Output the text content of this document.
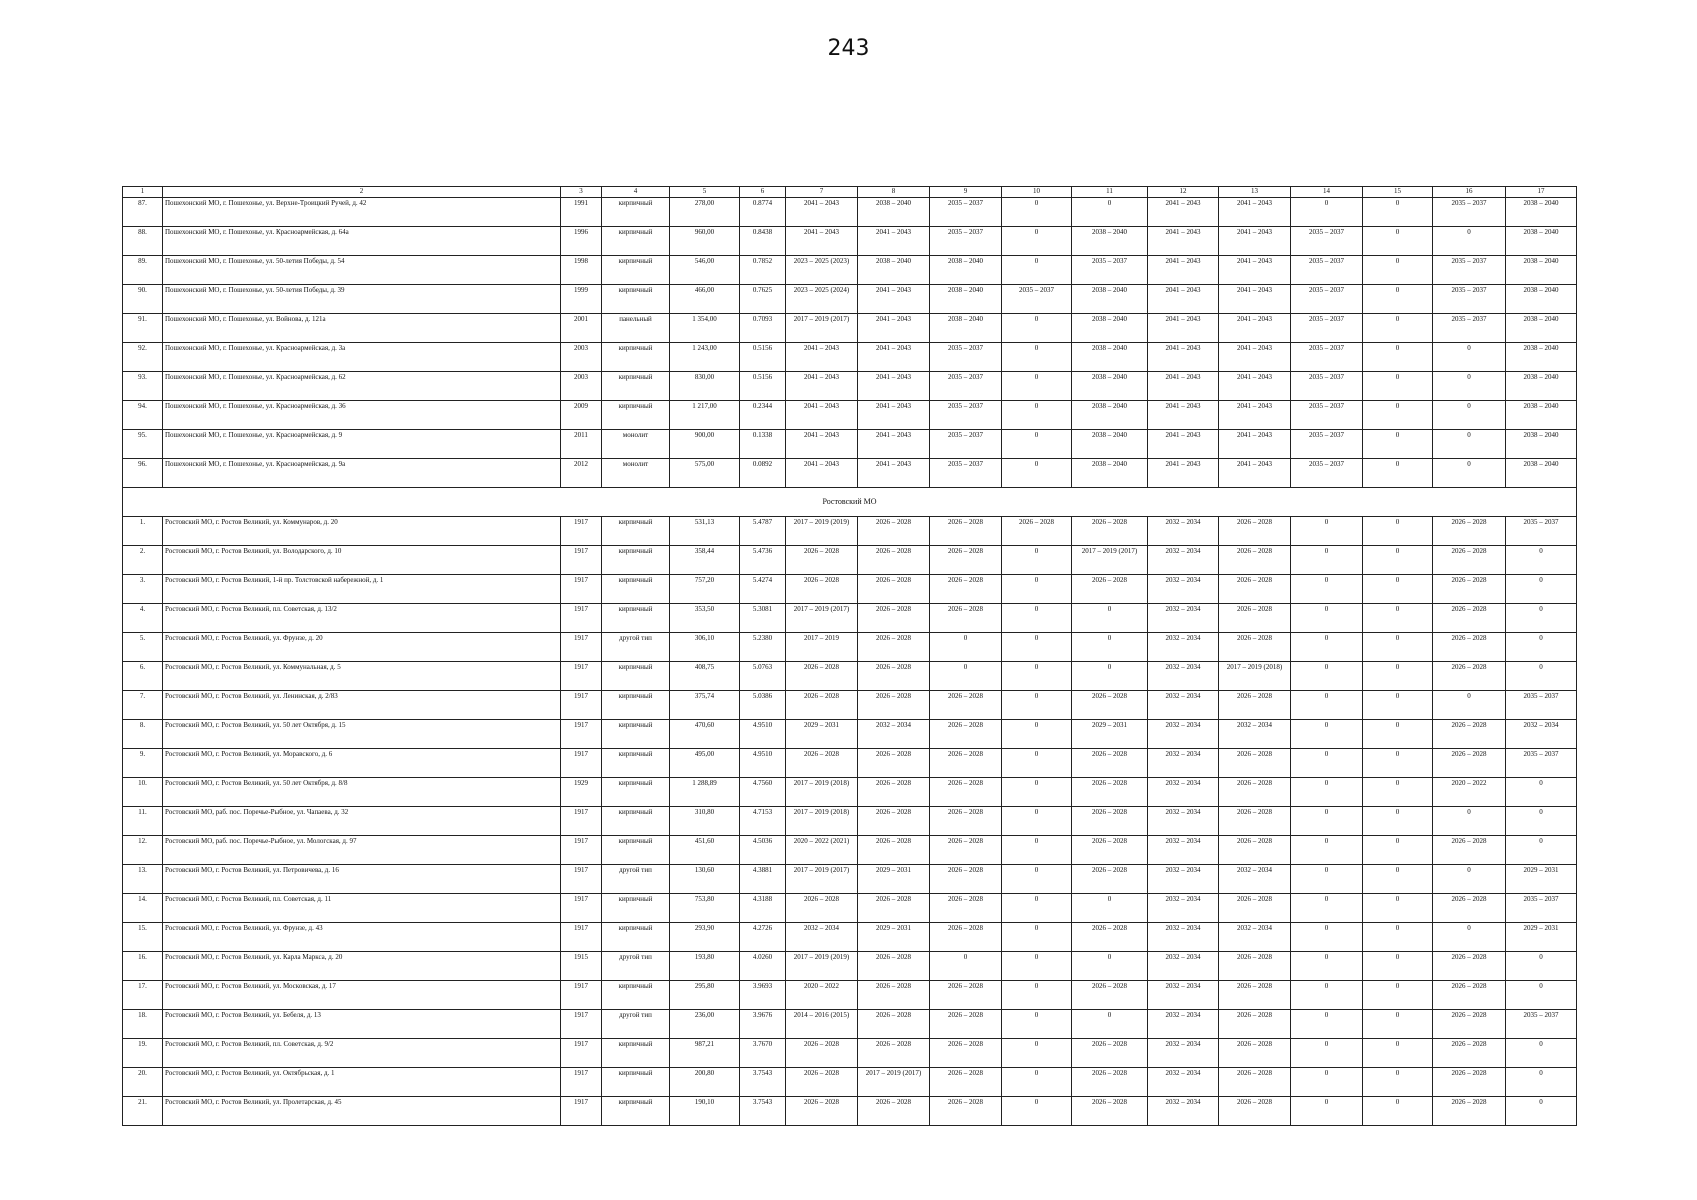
243
1	2	3	4	5	6	7	8	9	10	11	12	13	14	15	16	17
87.	Пошехонский МО, г. Пошехонье, ул. Верхне-Троицкий Ручей, д. 42	1991	кирпичный	278,00	0.8774	2041 – 2043	2038 – 2040	2035 – 2037	0	0	2041 – 2043	2041 – 2043	0	0	2035 – 2037	2038 – 2040
88.	Пошехонский МО, г. Пошехонье, ул. Красноармейская, д. 64а	1996	кирпичный	960,00	0.8438	2041 – 2043	2041 – 2043	2035 – 2037	0	2038 – 2040	2041 – 2043	2041 – 2043	2035 – 2037	0	0	2038 – 2040
89.	Пошехонский МО, г. Пошехонье, ул. 50-летия Победы, д. 54	1998	кирпичный	546,00	0.7852	2023 – 2025 (2023)	2038 – 2040	2038 – 2040	0	2035 – 2037	2041 – 2043	2041 – 2043	2035 – 2037	0	2035 – 2037	2038 – 2040
90.	Пошехонский МО, г. Пошехонье, ул. 50-летия Победы, д. 39	1999	кирпичный	466,00	0.7625	2023 – 2025 (2024)	2041 – 2043	2038 – 2040	2035 – 2037	2038 – 2040	2041 – 2043	2041 – 2043	2035 – 2037	0	2035 – 2037	2038 – 2040
91.	Пошехонский МО, г. Пошехонье, ул. Войнова, д. 121а	2001	панельный	1 354,00	0.7093	2017 – 2019 (2017)	2041 – 2043	2038 – 2040	0	2038 – 2040	2041 – 2043	2041 – 2043	2035 – 2037	0	2035 – 2037	2038 – 2040
92.	Пошехонский МО, г. Пошехонье, ул. Красноармейская, д. 3а	2003	кирпичный	1 243,00	0.5156	2041 – 2043	2041 – 2043	2035 – 2037	0	2038 – 2040	2041 – 2043	2041 – 2043	2035 – 2037	0	0	2038 – 2040
93.	Пошехонский МО, г. Пошехонье, ул. Красноармейская, д. 62	2003	кирпичный	830,00	0.5156	2041 – 2043	2041 – 2043	2035 – 2037	0	2038 – 2040	2041 – 2043	2041 – 2043	2035 – 2037	0	0	2038 – 2040
94.	Пошехонский МО, г. Пошехонье, ул. Красноармейская, д. 36	2009	кирпичный	1 217,00	0.2344	2041 – 2043	2041 – 2043	2035 – 2037	0	2038 – 2040	2041 – 2043	2041 – 2043	2035 – 2037	0	0	2038 – 2040
95.	Пошехонский МО, г. Пошехонье, ул. Красноармейская, д. 9	2011	монолит	900,00	0.1338	2041 – 2043	2041 – 2043	2035 – 2037	0	2038 – 2040	2041 – 2043	2041 – 2043	2035 – 2037	0	0	2038 – 2040
96.	Пошехонский МО, г. Пошехонье, ул. Красноармейская, д. 9а	2012	монолит	575,00	0.0892	2041 – 2043	2041 – 2043	2035 – 2037	0	2038 – 2040	2041 – 2043	2041 – 2043	2035 – 2037	0	0	2038 – 2040
Ростовский МО																
1.	Ростовский МО, г. Ростов Великий, ул. Коммунаров, д. 20	1917	кирпичный	531,13	5.4787	2017 – 2019 (2019)	2026 – 2028	2026 – 2028	2026 – 2028	2026 – 2028	2032 – 2034	2026 – 2028	0	0	2026 – 2028	2035 – 2037
2.	Ростовский МО, г. Ростов Великий, ул. Володарского, д. 10	1917	кирпичный	358,44	5.4736	2026 – 2028	2026 – 2028	2026 – 2028	0	2017 – 2019 (2017)	2032 – 2034	2026 – 2028	0	0	2026 – 2028	0
3.	Ростовский МО, г. Ростов Великий, 1-й пр. Толстовской набережной, д. 1	1917	кирпичный	757,20	5.4274	2026 – 2028	2026 – 2028	2026 – 2028	0	2026 – 2028	2032 – 2034	2026 – 2028	0	0	2026 – 2028	0
4.	Ростовский МО, г. Ростов Великий, пл. Советская, д. 13/2	1917	кирпичный	353,50	5.3081	2017 – 2019 (2017)	2026 – 2028	2026 – 2028	0	0	2032 – 2034	2026 – 2028	0	0	2026 – 2028	0
5.	Ростовский МО, г. Ростов Великий, ул. Фрунзе, д. 20	1917	другой тип	306,10	5.2380	2017 – 2019	2026 – 2028	0	0	0	2032 – 2034	2026 – 2028	0	0	2026 – 2028	0
6.	Ростовский МО, г. Ростов Великий, ул. Коммунальная, д. 5	1917	кирпичный	408,75	5.0763	2026 – 2028	2026 – 2028	0	0	0	2032 – 2034	2017 – 2019 (2018)	0	0	2026 – 2028	0
7.	Ростовский МО, г. Ростов Великий, ул. Ленинская, д. 2/83	1917	кирпичный	375,74	5.0386	2026 – 2028	2026 – 2028	2026 – 2028	0	2026 – 2028	2032 – 2034	2026 – 2028	0	0	0	2035 – 2037
8.	Ростовский МО, г. Ростов Великий, ул. 50 лет Октября, д. 15	1917	кирпичный	470,60	4.9510	2029 – 2031	2032 – 2034	2026 – 2028	0	2029 – 2031	2032 – 2034	2032 – 2034	0	0	2026 – 2028	2032 – 2034
9.	Ростовский МО, г. Ростов Великий, ул. Моравского, д. 6	1917	кирпичный	495,00	4.9510	2026 – 2028	2026 – 2028	2026 – 2028	0	2026 – 2028	2032 – 2034	2026 – 2028	0	0	2026 – 2028	2035 – 2037
10.	Ростовский МО, г. Ростов Великий, ул. 50 лет Октября, д. 8/8	1929	кирпичный	1 288,89	4.7560	2017 – 2019 (2018)	2026 – 2028	2026 – 2028	0	2026 – 2028	2032 – 2034	2026 – 2028	0	0	2020 – 2022	0
11.	Ростовский МО, раб. пос. Поречье-Рыбное, ул. Чапаева, д. 32	1917	кирпичный	310,80	4.7153	2017 – 2019 (2018)	2026 – 2028	2026 – 2028	0	2026 – 2028	2032 – 2034	2026 – 2028	0	0	0	0
12.	Ростовский МО, раб. пос. Поречье-Рыбное, ул. Мологская, д. 97	1917	кирпичный	451,60	4.5036	2020 – 2022 (2021)	2026 – 2028	2026 – 2028	0	2026 – 2028	2032 – 2034	2026 – 2028	0	0	2026 – 2028	0
13.	Ростовский МО, г. Ростов Великий, ул. Петровичева, д. 16	1917	другой тип	130,60	4.3881	2017 – 2019 (2017)	2029 – 2031	2026 – 2028	0	2026 – 2028	2032 – 2034	2032 – 2034	0	0	0	2029 – 2031
14.	Ростовский МО, г. Ростов Великий, пл. Советская, д. 11	1917	кирпичный	753,80	4.3188	2026 – 2028	2026 – 2028	2026 – 2028	0	0	2032 – 2034	2026 – 2028	0	0	2026 – 2028	2035 – 2037
15.	Ростовский МО, г. Ростов Великий, ул. Фрунзе, д. 43	1917	кирпичный	293,90	4.2726	2032 – 2034	2029 – 2031	2026 – 2028	0	2026 – 2028	2032 – 2034	2032 – 2034	0	0	0	2029 – 2031
16.	Ростовский МО, г. Ростов Великий, ул. Карла Маркса, д. 20	1915	другой тип	193,80	4.0260	2017 – 2019 (2019)	2026 – 2028	0	0	0	2032 – 2034	2026 – 2028	0	0	2026 – 2028	0
17.	Ростовский МО, г. Ростов Великий, ул. Московская, д. 17	1917	кирпичный	295,80	3.9693	2020 – 2022	2026 – 2028	2026 – 2028	0	2026 – 2028	2032 – 2034	2026 – 2028	0	0	2026 – 2028	0
18.	Ростовский МО, г. Ростов Великий, ул. Бебеля, д. 13	1917	другой тип	236,00	3.9676	2014 – 2016 (2015)	2026 – 2028	2026 – 2028	0	0	2032 – 2034	2026 – 2028	0	0	2026 – 2028	2035 – 2037
19.	Ростовский МО, г. Ростов Великий, пл. Советская, д. 9/2	1917	кирпичный	987,21	3.7670	2026 – 2028	2026 – 2028	2026 – 2028	0	2026 – 2028	2032 – 2034	2026 – 2028	0	0	2026 – 2028	0
20.	Ростовский МО, г. Ростов Великий, ул. Октябрьская, д. 1	1917	кирпичный	200,80	3.7543	2026 – 2028	2017 – 2019 (2017)	2026 – 2028	0	2026 – 2028	2032 – 2034	2026 – 2028	0	0	2026 – 2028	0
21.	Ростовский МО, г. Ростов Великий, ул. Пролетарская, д. 45	1917	кирпичный	190,10	3.7543	2026 – 2028	2026 – 2028	2026 – 2028	0	2026 – 2028	2032 – 2034	2026 – 2028	0	0	2026 – 2028	0
